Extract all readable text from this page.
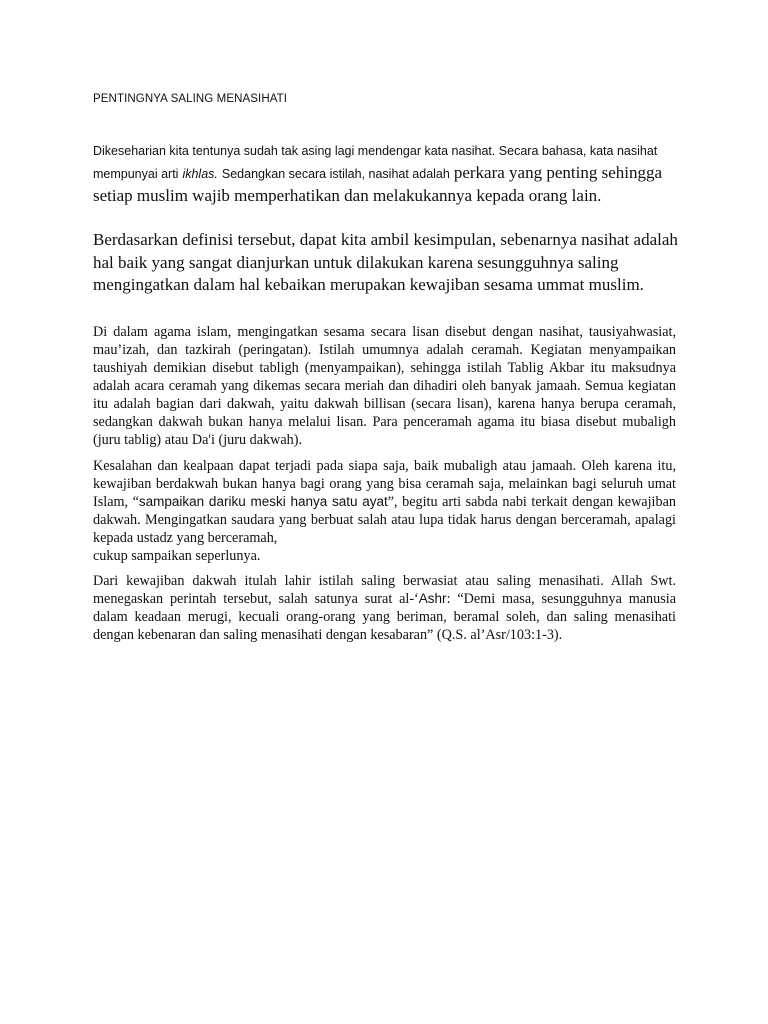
PENTINGNYA SALING MENASIHATI

Dikeseharian kita tentunya sudah tak asing lagi mendengar kata nasihat. Secara bahasa, kata nasihat mempunyai arti ikhlas. Sedangkan secara istilah, nasihat adalah perkara yang penting sehingga setiap muslim wajib memperhatikan dan melakukannya kepada orang lain.

Berdasarkan definisi tersebut, dapat kita ambil kesimpulan, sebenarnya nasihat adalah hal baik yang sangat dianjurkan untuk dilakukan karena sesungguhnya saling mengingatkan dalam hal kebaikan merupakan kewajiban sesama ummat muslim.

Di dalam agama islam, mengingatkan sesama secara lisan disebut dengan nasihat, tausiyahwasiat, mau’izah, dan tazkirah (peringatan). Istilah umumnya adalah ceramah. Kegiatan menyampaikan taushiyah demikian disebut tabligh (menyampaikan), sehingga istilah Tablig Akbar itu maksudnya adalah acara ceramah yang dikemas secara meriah dan dihadiri oleh banyak jamaah. Semua kegiatan itu adalah bagian dari dakwah, yaitu dakwah billisan (secara lisan), karena hanya berupa ceramah, sedangkan dakwah bukan hanya melalui lisan. Para penceramah agama itu biasa disebut mubaligh (juru tablig) atau Da'i (juru dakwah).

Kesalahan dan kealpaan dapat terjadi pada siapa saja, baik mubaligh atau jamaah. Oleh karena itu, kewajiban berdakwah bukan hanya bagi orang yang bisa ceramah saja, melainkan bagi seluruh umat Islam, “sampaikan dariku meski hanya satu ayat”, begitu arti sabda nabi terkait dengan kewajiban dakwah. Mengingatkan saudara yang berbuat salah atau lupa tidak harus dengan berceramah, apalagi kepada ustadz yang berceramah,
cukup sampaikan seperlunya.

Dari kewajiban dakwah itulah lahir istilah saling berwasiat atau saling menasihati. Allah Swt. menegaskan perintah tersebut, salah satunya surat al-‘Ashr: “Demi masa, sesungguhnya manusia dalam keadaan merugi, kecuali orang-orang yang beriman, beramal soleh, dan saling menasihati dengan kebenaran dan saling menasihati dengan kesabaran” (Q.S. al’Asr/103:1-3).
